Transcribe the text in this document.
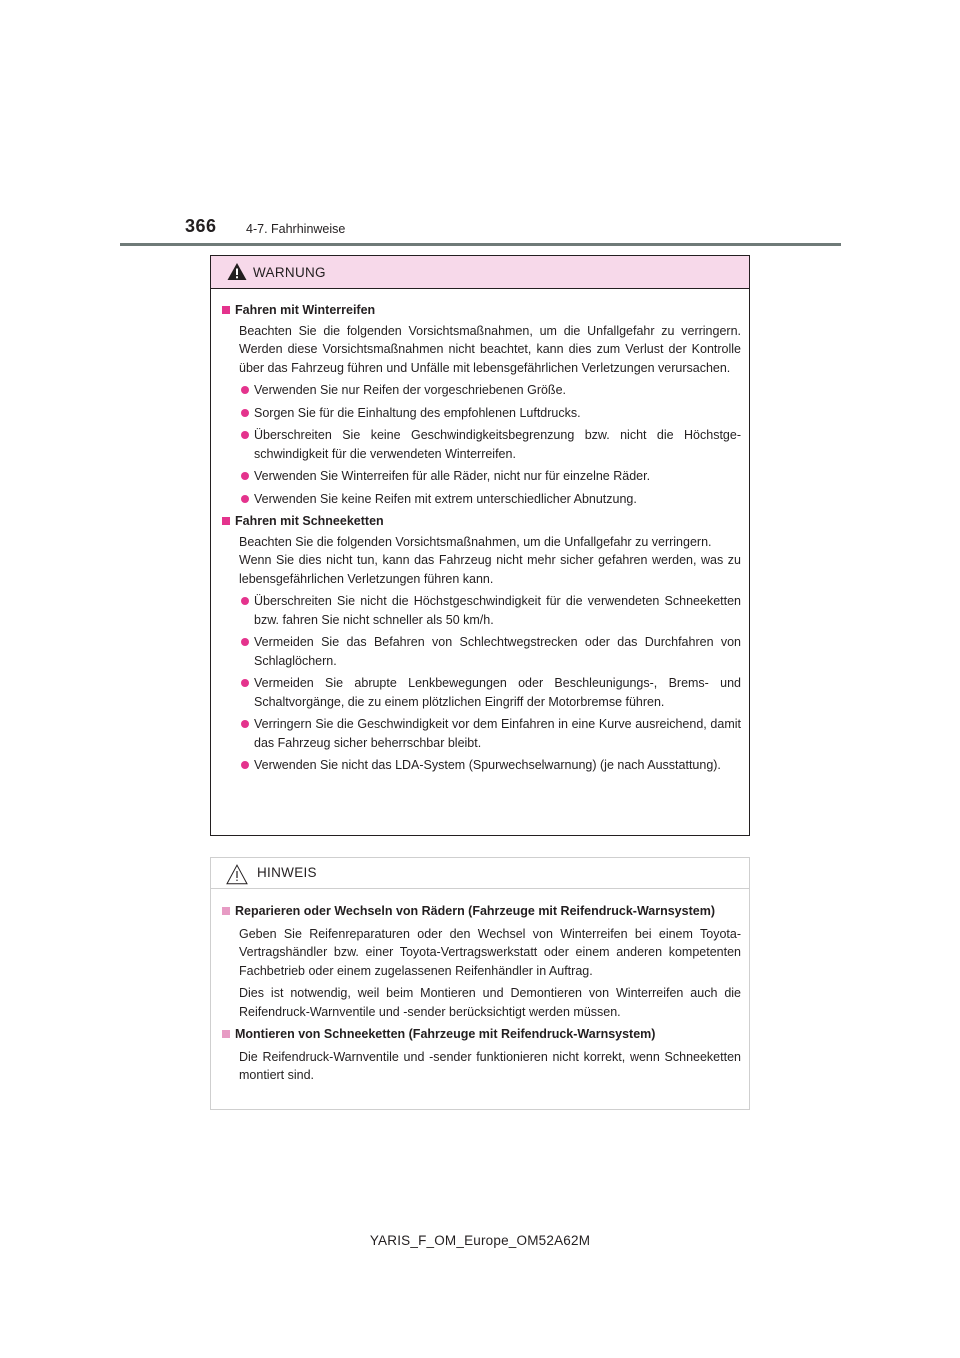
366 4-7. Fahrhinweise
WARNUNG
Fahren mit Winterreifen
Beachten Sie die folgenden Vorsichtsmaßnahmen, um die Unfallgefahr zu verringern. Werden diese Vorsichtsmaßnahmen nicht beachtet, kann dies zum Verlust der Kontrolle über das Fahrzeug führen und Unfälle mit lebensgefährlichen Verletzungen verursachen.
Verwenden Sie nur Reifen der vorgeschriebenen Größe.
Sorgen Sie für die Einhaltung des empfohlenen Luftdrucks.
Überschreiten Sie keine Geschwindigkeitsbegrenzung bzw. nicht die Höchstgeschwindigkeit für die verwendeten Winterreifen.
Verwenden Sie Winterreifen für alle Räder, nicht nur für einzelne Räder.
Verwenden Sie keine Reifen mit extrem unterschiedlicher Abnutzung.
Fahren mit Schneeketten
Beachten Sie die folgenden Vorsichtsmaßnahmen, um die Unfallgefahr zu verringern.
Wenn Sie dies nicht tun, kann das Fahrzeug nicht mehr sicher gefahren werden, was zu lebensgefährlichen Verletzungen führen kann.
Überschreiten Sie nicht die Höchstgeschwindigkeit für die verwendeten Schneeketten bzw. fahren Sie nicht schneller als 50 km/h.
Vermeiden Sie das Befahren von Schlechtwegstrecken oder das Durchfahren von Schlaglöchern.
Vermeiden Sie abrupte Lenkbewegungen oder Beschleunigungs-, Brems- und Schaltvorgänge, die zu einem plötzlichen Eingriff der Motorbremse führen.
Verringern Sie die Geschwindigkeit vor dem Einfahren in eine Kurve ausreichend, damit das Fahrzeug sicher beherrschbar bleibt.
Verwenden Sie nicht das LDA-System (Spurwechselwarnung) (je nach Ausstattung).
HINWEIS
Reparieren oder Wechseln von Rädern (Fahrzeuge mit Reifendruck-Warnsystem)
Geben Sie Reifenreparaturen oder den Wechsel von Winterreifen bei einem Toyota-Vertragshändler bzw. einer Toyota-Vertragswerkstatt oder einem anderen kompetenten Fachbetrieb oder einem zugelassenen Reifenhändler in Auftrag.
Dies ist notwendig, weil beim Montieren und Demontieren von Winterreifen auch die Reifendruck-Warnventile und -sender berücksichtigt werden müssen.
Montieren von Schneeketten (Fahrzeuge mit Reifendruck-Warnsystem)
Die Reifendruck-Warnventile und -sender funktionieren nicht korrekt, wenn Schneeketten montiert sind.
YARIS_F_OM_Europe_OM52A62M
